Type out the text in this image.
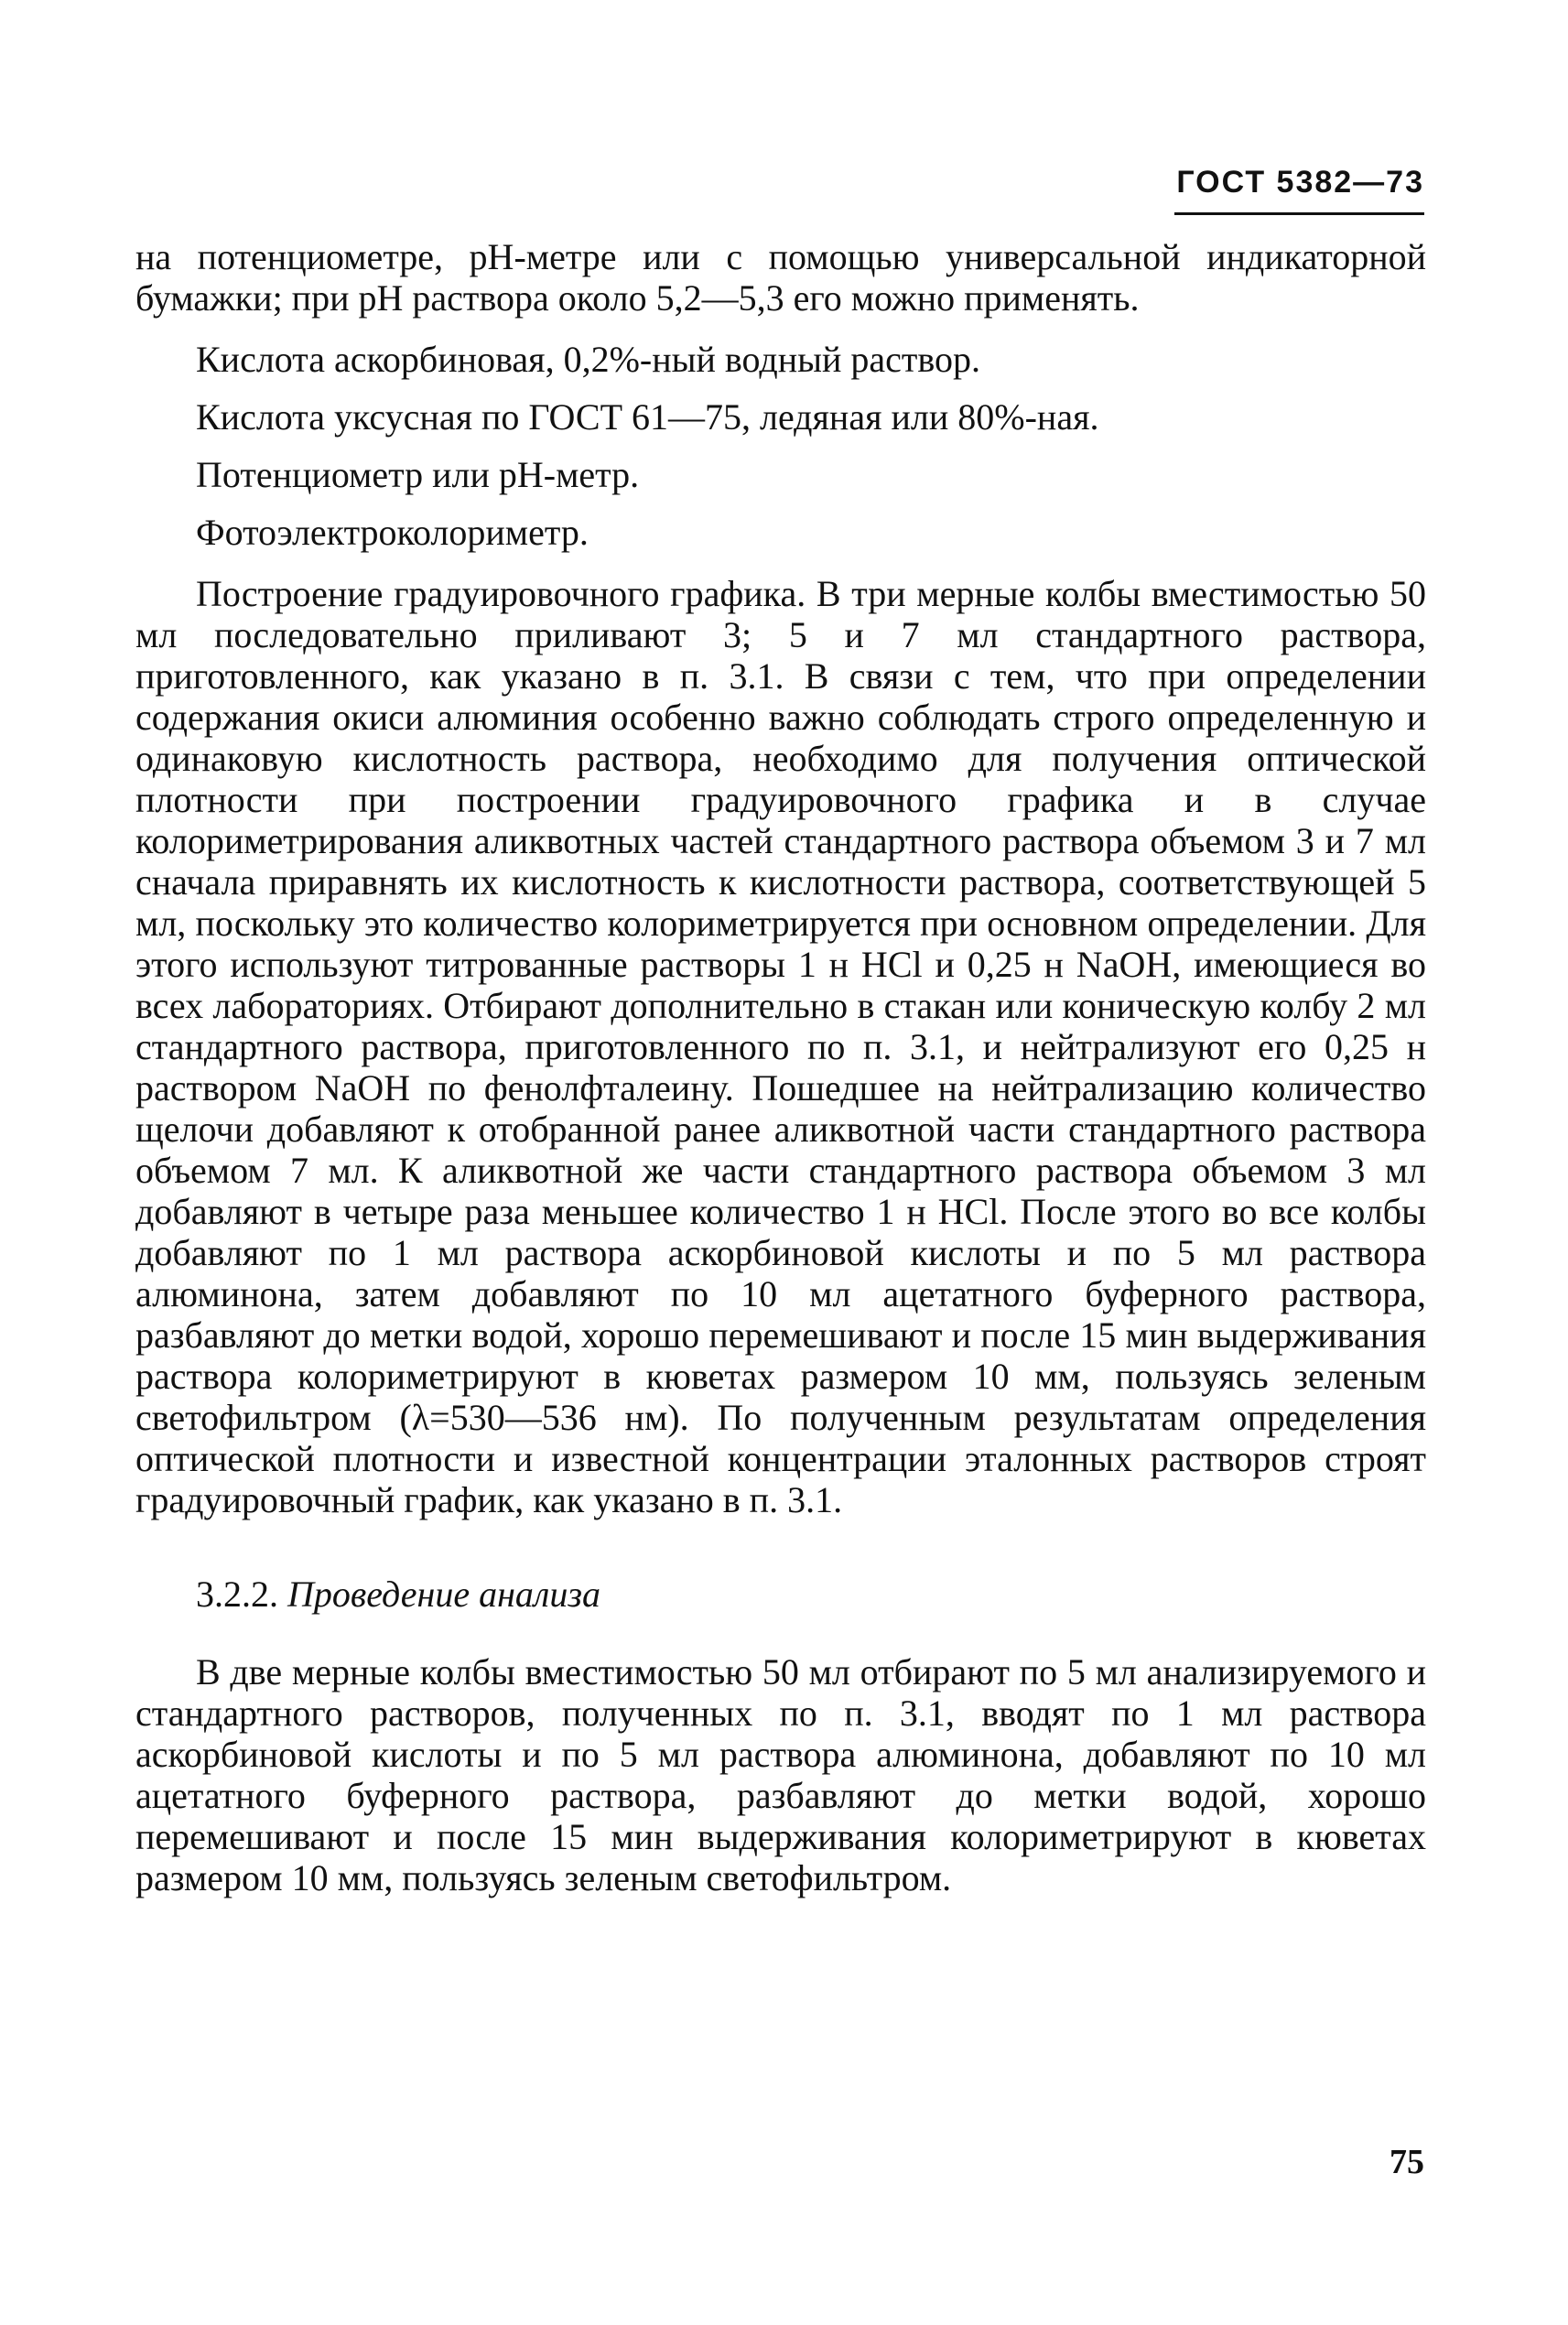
ГОСТ 5382—73

на потенциометре, pH-метре или с помощью универсальной индикаторной бумажки; при pH раствора около 5,2—5,3 его можно применять.

Кислота аскорбиновая, 0,2%-ный водный раствор.

Кислота уксусная по ГОСТ 61—75, ледяная или 80%-ная.

Потенциометр или pH-метр.

Фотоэлектроколориметр.

Построение градуировочного графика. В три мерные колбы вместимостью 50 мл последовательно приливают 3; 5 и 7 мл стандартного раствора, приготовленного, как указано в п. 3.1. В связи с тем, что при определении содержания окиси алюминия особенно важно соблюдать строго определенную и одинаковую кислотность раствора, необходимо для получения оптической плотности при построении градуировочного графика и в случае колориметрирования аликвотных частей стандартного раствора объемом 3 и 7 мл сначала приравнять их кислотность к кислотности раствора, соответствующей 5 мл, поскольку это количество колориметрируется при основном определении. Для этого используют титрованные растворы 1 н HCl и 0,25 н NaOH, имеющиеся во всех лабораториях. Отбирают дополнительно в стакан или коническую колбу 2 мл стандартного раствора, приготовленного по п. 3.1, и нейтрализуют его 0,25 н раствором NaOH по фенолфталеину. Пошедшее на нейтрализацию количество щелочи добавляют к отобранной ранее аликвотной части стандартного раствора объемом 7 мл. К аликвотной же части стандартного раствора объемом 3 мл добавляют в четыре раза меньшее количество 1 н HCl. После этого во все колбы добавляют по 1 мл раствора аскорбиновой кислоты и по 5 мл раствора алюминона, затем добавляют по 10 мл ацетатного буферного раствора, разбавляют до метки водой, хорошо перемешивают и после 15 мин выдерживания раствора колориметрируют в кюветах размером 10 мм, пользуясь зеленым светофильтром (λ=530—536 нм). По полученным результатам определения оптической плотности и известной концентрации эталонных растворов строят градуировочный график, как указано в п. 3.1.

3.2.2. Проведение анализа

В две мерные колбы вместимостью 50 мл отбирают по 5 мл анализируемого и стандартного растворов, полученных по п. 3.1, вводят по 1 мл раствора аскорбиновой кислоты и по 5 мл раствора алюминона, добавляют по 10 мл ацетатного буферного раствора, разбавляют до метки водой, хорошо перемешивают и после 15 мин выдерживания колориметрируют в кюветах размером 10 мм, пользуясь зеленым светофильтром.

75
